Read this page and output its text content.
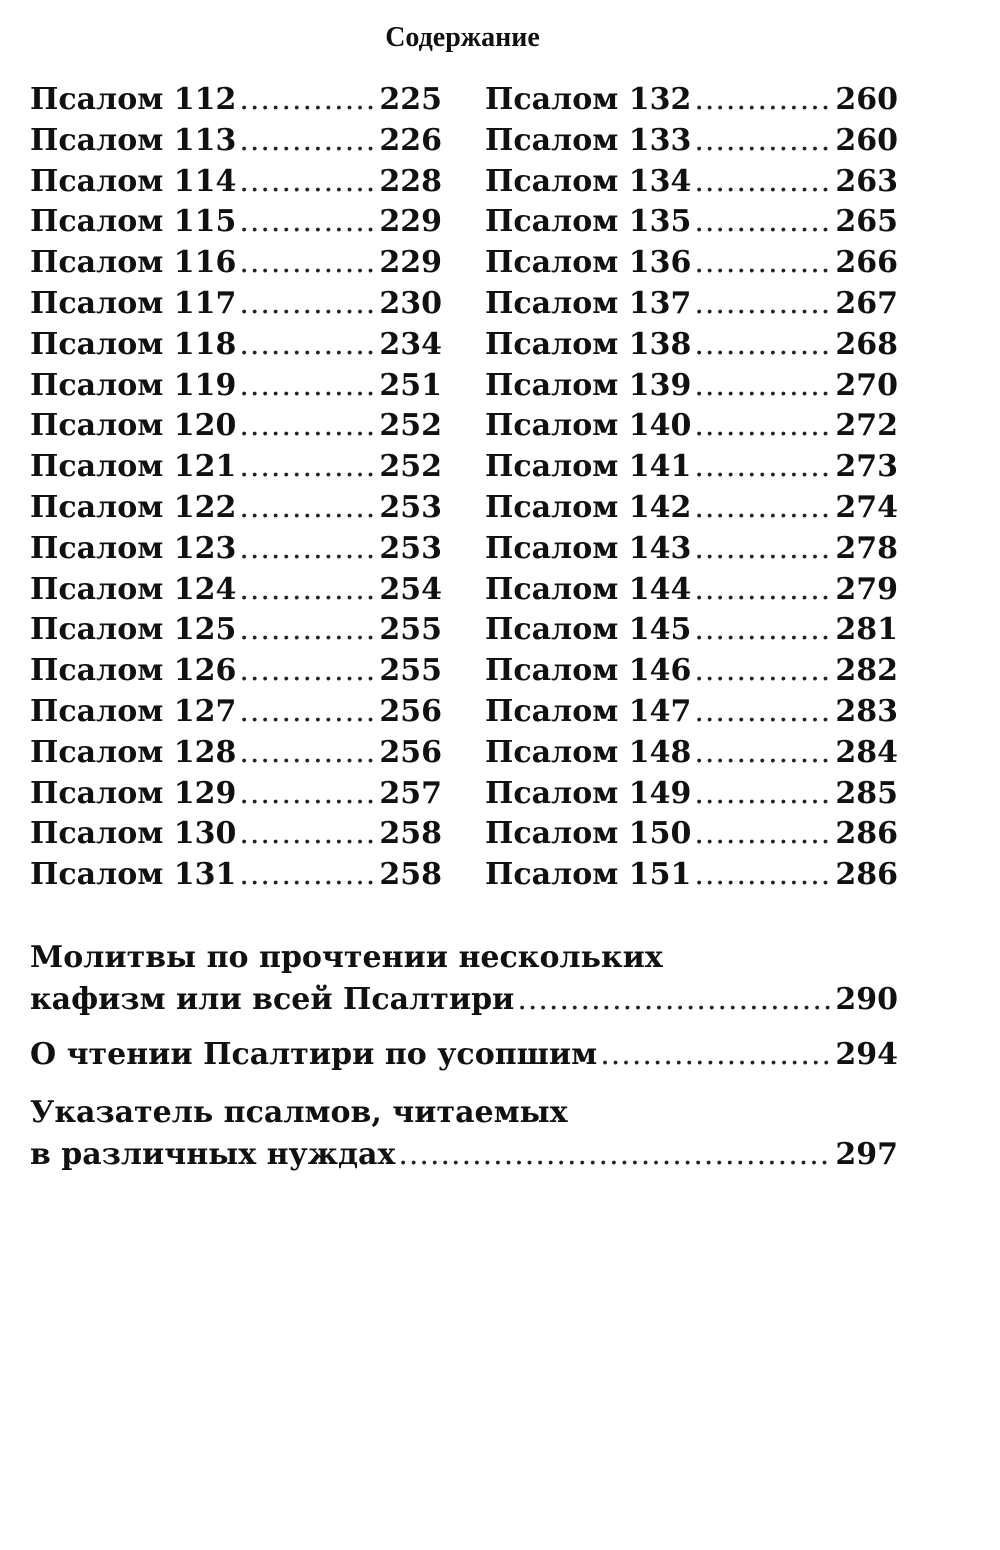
Содержание
Псалом 112 .....	225
Псалом 113 .....	226
Псалом 114 .....	228
Псалом 115 .....	229
Псалом 116 .....	229
Псалом 117 .....	230
Псалом 118 .....	234
Псалом 119 .....	251
Псалом 120 .....	252
Псалом 121 .....	252
Псалом 122 .....	253
Псалом 123 .....	253
Псалом 124 .....	254
Псалом 125 .....	255
Псалом 126 .....	255
Псалом 127 .....	256
Псалом 128 .....	256
Псалом 129 .....	257
Псалом 130 .....	258
Псалом 131 .....	258
Псалом 132 .....	260
Псалом 133 .....	260
Псалом 134 .....	263
Псалом 135 .....	265
Псалом 136 .....	266
Псалом 137 .....	267
Псалом 138 .....	268
Псалом 139 .....	270
Псалом 140 .....	272
Псалом 141 .....	273
Псалом 142 .....	274
Псалом 143 .....	278
Псалом 144 .....	279
Псалом 145 .....	281
Псалом 146 .....	282
Псалом 147 .....	283
Псалом 148 .....	284
Псалом 149 .....	285
Псалом 150 .....	286
Псалом 151 .....	286
Молитвы по прочтении нескольких
кафизм или всей Псалтири .....	290
О чтении Псалтири по усопшим .....	294
Указатель псалмов, читаемых
в различных нуждах .....	297
